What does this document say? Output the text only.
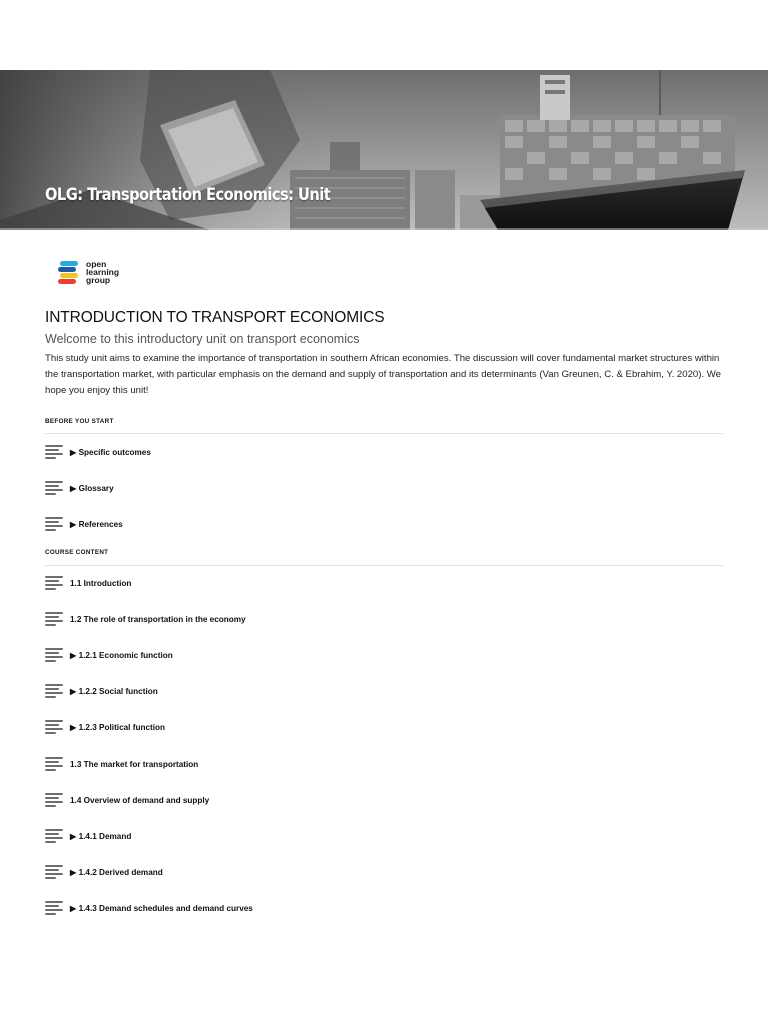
OLG: Transportation Economics: Unit
open
learning
group
INTRODUCTION TO TRANSPORT ECONOMICS
Welcome to this introductory unit on transport economics

This study unit aims to examine the importance of transportation in southern African economies. The discussion will cover fundamental market structures within the transportation market, with particular emphasis on the demand and supply of transportation and its determinants (Van Greunen, C. & Ebrahim, Y. 2020). We hope you enjoy this unit!

BEFORE YOU START
▶ Specific outcomes
▶ Glossary
▶ References
COURSE CONTENT
1.1 Introduction
1.2 The role of transportation in the economy
▶ 1.2.1 Economic function
▶ 1.2.2 Social function
▶ 1.2.3 Political function
1.3 The market for transportation
1.4 Overview of demand and supply
▶ 1.4.1 Demand
▶ 1.4.2 Derived demand
▶ 1.4.3 Demand schedules and demand curves
